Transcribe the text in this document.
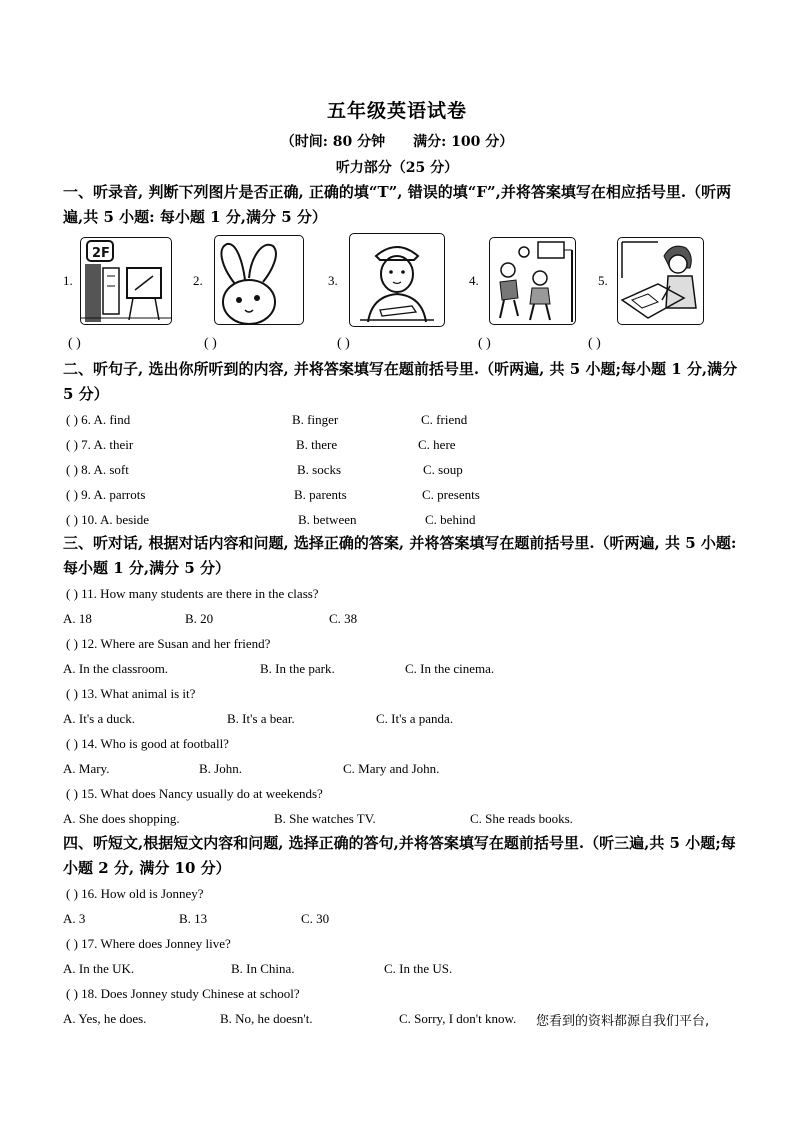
五年级英语试卷
（时间: 80 分钟 满分: 100 分）
听力部分（25 分）
一、听录音, 判断下列图片是否正确, 正确的填“T”, 错误的填“F”,并将答案填写在相应括号里.（听两遍,共 5 小题: 每小题 1 分,满分 5 分）
1.
2F
2.	3.	4.	5.
( )	( )	( )	( )	( )
二、听句子, 选出你所听到的内容, 并将答案填写在题前括号里.（听两遍, 共 5 小题;每小题 1 分,满分 5 分）
( ) 6. A. find	B. finger	C. friend
( ) 7. A. their	B. there	C. here
( ) 8. A. soft	B. socks	C. soup
( ) 9. A. parrots	B. parents	C. presents
( ) 10. A. beside	B. between	C. behind
三、听对话, 根据对话内容和问题, 选择正确的答案, 并将答案填写在题前括号里.（听两遍, 共 5 小题: 每小题 1 分,满分 5 分）
( ) 11. How many students are there in the class?
A. 18	B. 20	C. 38
( ) 12. Where are Susan and her friend?
A. In the classroom.	B. In the park.	C. In the cinema.
( ) 13. What animal is it?
A. It's a duck.	B. It's a bear.	C. It's a panda.
( ) 14. Who is good at football?
A. Mary.	B. John.	C. Mary and John.
( ) 15. What does Nancy usually do at weekends?
A. She does shopping.	B. She watches TV.	C. She reads books.
四、听短文,根据短文内容和问题, 选择正确的答句,并将答案填写在题前括号里.（听三遍,共 5 小题;每小题 2 分, 满分 10 分）
( ) 16. How old is Jonney?
A. 3	B. 13	C. 30
( ) 17. Where does Jonney live?
A. In the UK.	B. In China.	C. In the US.
( ) 18. Does Jonney study Chinese at school?
A. Yes, he does.	B. No, he doesn't.	C. Sorry, I don't know. 您看到的资料都源自我们平台,
